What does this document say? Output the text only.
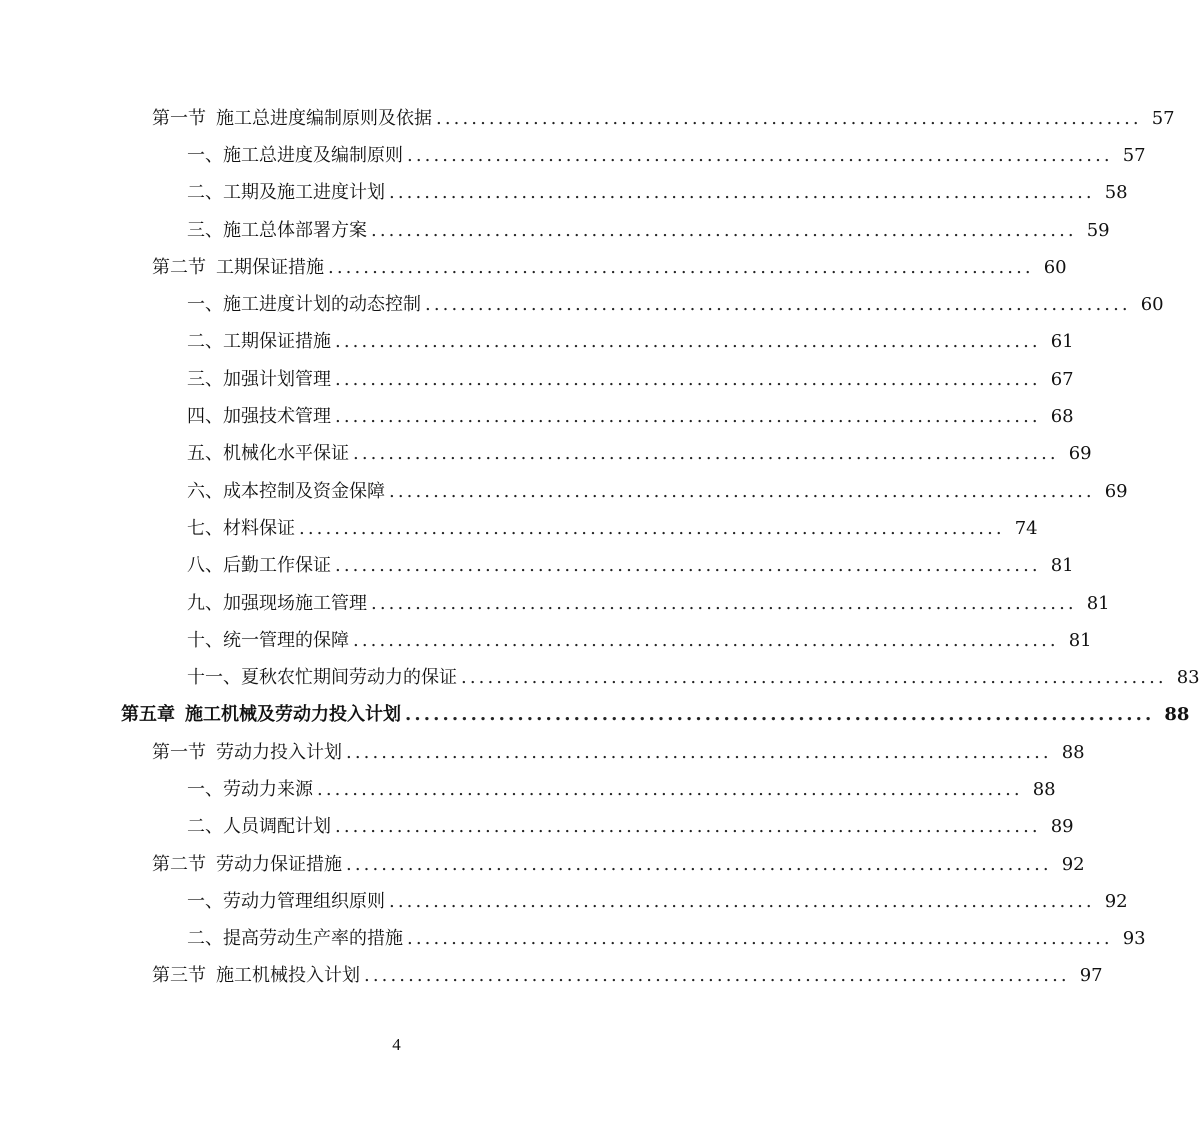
第一节 施工总进度编制原则及依据 ................................................................................ 57
一、施工总进度及编制原则 ................................................................................ 57
二、工期及施工进度计划 ................................................................................ 58
三、施工总体部署方案 ................................................................................ 59
第二节 工期保证措施 ................................................................................ 60
一、施工进度计划的动态控制 ................................................................................ 60
二、工期保证措施 ................................................................................ 61
三、加强计划管理 ................................................................................ 67
四、加强技术管理 ................................................................................ 68
五、机械化水平保证 ................................................................................ 69
六、成本控制及资金保障 ................................................................................ 69
七、材料保证 ................................................................................ 74
八、后勤工作保证 ................................................................................ 81
九、加强现场施工管理 ................................................................................ 81
十、统一管理的保障 ................................................................................ 81
十一、夏秋农忙期间劳动力的保证 ................................................................................ 83
第五章 施工机械及劳动力投入计划 ................................................................................ 88
第一节 劳动力投入计划 ................................................................................ 88
一、劳动力来源 ................................................................................ 88
二、人员调配计划 ................................................................................ 89
第二节 劳动力保证措施 ................................................................................ 92
一、劳动力管理组织原则 ................................................................................ 92
二、提高劳动生产率的措施 ................................................................................ 93
第三节 施工机械投入计划 ................................................................................ 97
4
